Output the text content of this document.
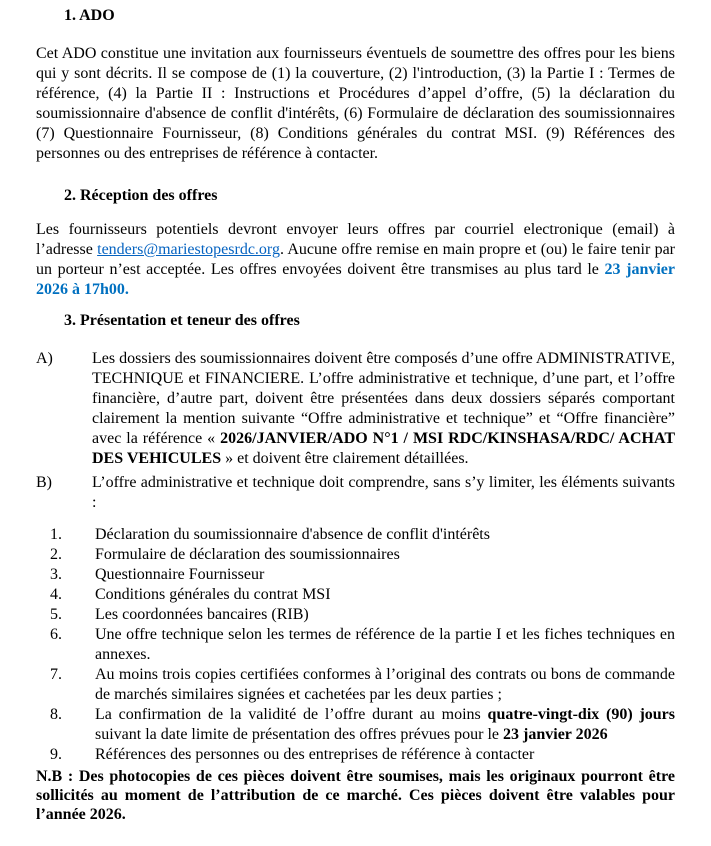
1. ADO

Cet ADO constitue une invitation aux fournisseurs éventuels de soumettre des offres pour les biens qui y sont décrits. Il se compose de (1) la couverture, (2) l'introduction, (3) la Partie I : Termes de référence, (4) la Partie II : Instructions et Procédures d’appel d’offre, (5) la déclaration du soumissionnaire d'absence de conflit d'intérêts, (6) Formulaire de déclaration des soumissionnaires (7) Questionnaire Fournisseur, (8) Conditions générales du contrat MSI. (9) Références des personnes ou des entreprises de référence à contacter.

2. Réception des offres

Les fournisseurs potentiels devront envoyer leurs offres par courriel electronique (email) à l’adresse tenders@mariestopesrdc.org. Aucune offre remise en main propre et (ou) le faire tenir par un porteur n’est acceptée. Les offres envoyées doivent être transmises au plus tard le 23 janvier 2026 à 17h00.

3. Présentation et teneur des offres

A) Les dossiers des soumissionnaires doivent être composés d’une offre ADMINISTRATIVE, TECHNIQUE et FINANCIERE. L’offre administrative et technique, d’une part, et l’offre financière, d’autre part, doivent être présentées dans deux dossiers séparés comportant clairement la mention suivante “Offre administrative et technique” et “Offre financière” avec la référence « 2026/JANVIER/ADO N°1 / MSI RDC/KINSHASA/RDC/ ACHAT DES VEHICULES » et doivent être clairement détaillées.
B)	L’offre administrative et technique doit comprendre, sans s’y limiter, les éléments suivants :
1. Déclaration du soumissionnaire d'absence de conflit d'intérêts
2. Formulaire de déclaration des soumissionnaires
3. Questionnaire Fournisseur
4. Conditions générales du contrat MSI
5. Les coordonnées bancaires (RIB)
6. Une offre technique selon les termes de référence de la partie I et les fiches techniques en annexes.
7. Au moins trois copies certifiées conformes à l’original des contrats ou bons de commande de marchés similaires signées et cachetées par les deux parties ;
8. La confirmation de la validité de l’offre durant au moins quatre-vingt-dix (90) jours suivant la date limite de présentation des offres prévues pour le 23 janvier 2026
9. Références des personnes ou des entreprises de référence à contacter

N.B : Des photocopies de ces pièces doivent être soumises, mais les originaux pourront être sollicités au moment de l’attribution de ce marché. Ces pièces doivent être valables pour l’année 2026.
